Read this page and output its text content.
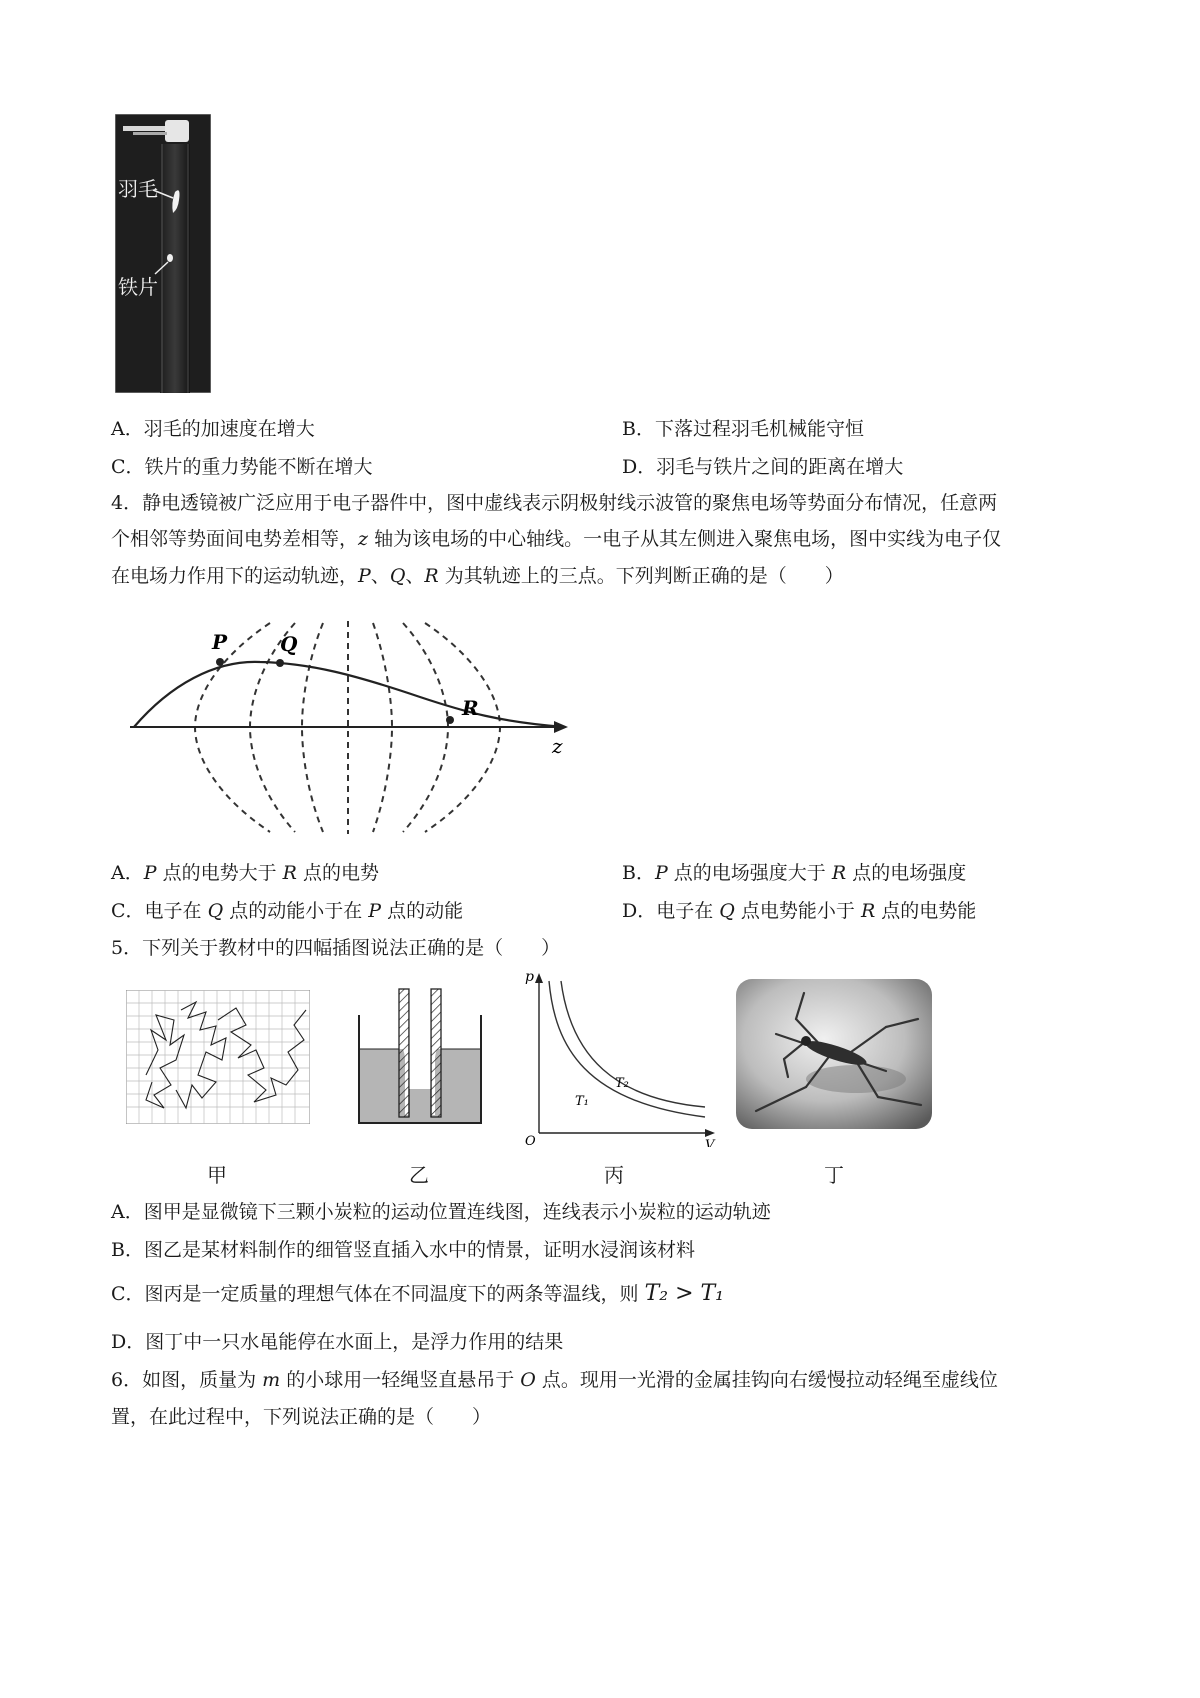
羽毛
铁片
A．羽毛的加速度在增大	B．下落过程羽毛机械能守恒
C．铁片的重力势能不断在增大	D．羽毛与铁片之间的距离在增大
4．静电透镜被广泛应用于电子器件中，图中虚线表示阴极射线示波管的聚焦电场等势面分布情况，任意两
个相邻等势面间电势差相等，z 轴为该电场的中心轴线。一电子从其左侧进入聚焦电场，图中实线为电子仅
在电场力作用下的运动轨迹，P、Q、R 为其轨迹上的三点。下列判断正确的是（　　）
P	Q
R
z
A．P 点的电势大于 R 点的电势	B．P 点的电场强度大于 R 点的电场强度
C．电子在 Q 点的动能小于在 P 点的动能	D．电子在 Q 点电势能小于 R 点的电势能
5．下列关于教材中的四幅插图说法正确的是（　　）
甲	乙
p
V
O
T₂
T₁
丙	丁
A．图甲是显微镜下三颗小炭粒的运动位置连线图，连线表示小炭粒的运动轨迹
B．图乙是某材料制作的细管竖直插入水中的情景，证明水浸润该材料
C．图丙是一定质量的理想气体在不同温度下的两条等温线，则 T₂ > T₁
D．图丁中一只水黾能停在水面上，是浮力作用的结果
6．如图，质量为 m 的小球用一轻绳竖直悬吊于 O 点。现用一光滑的金属挂钩向右缓慢拉动轻绳至虚线位
置，在此过程中，下列说法正确的是（　　）
